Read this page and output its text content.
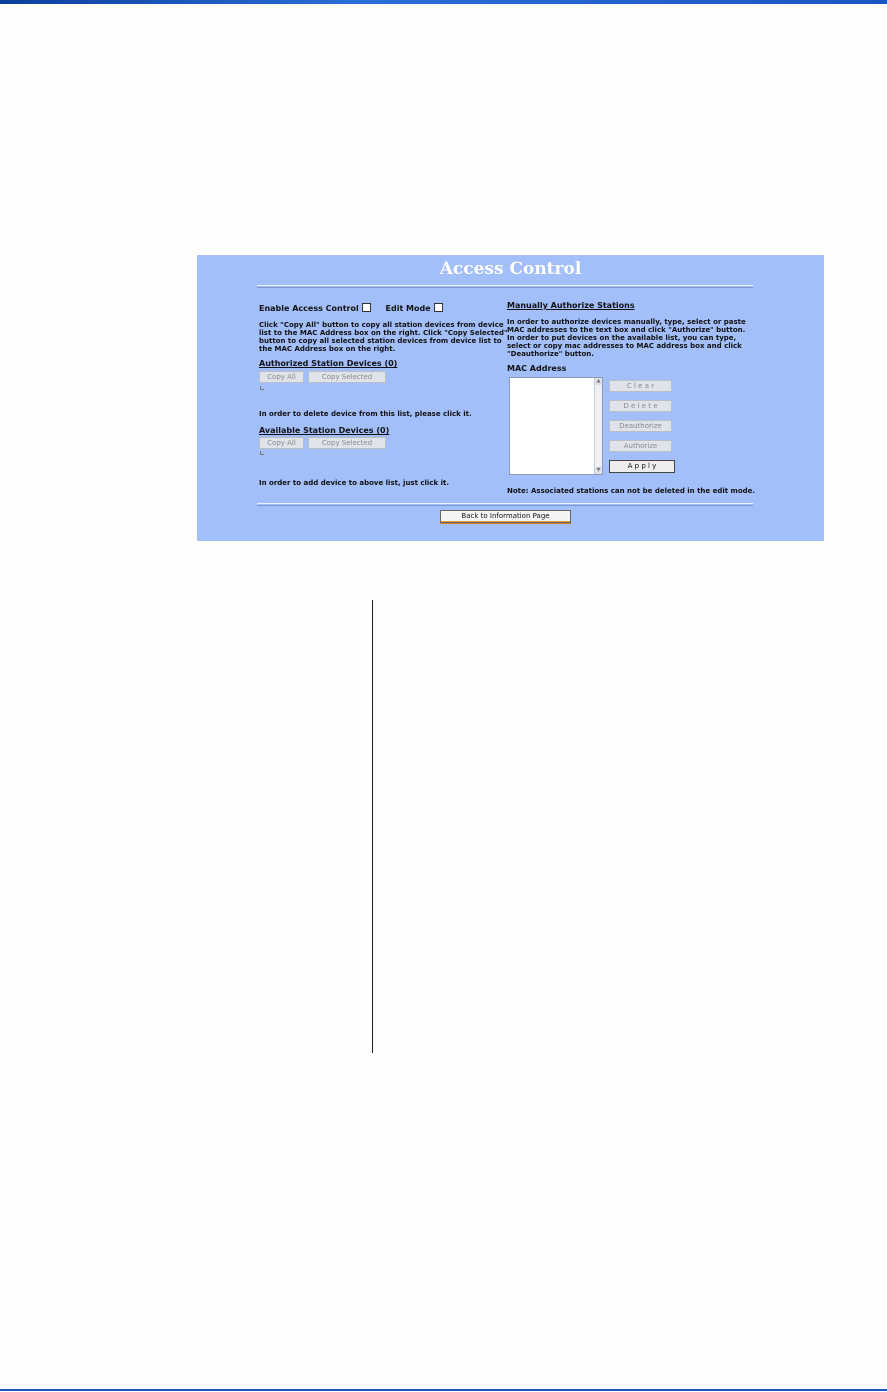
Access Control
Enable Access Control	Edit Mode
Click "Copy All" button to copy all station devices from device
list to the MAC Address box on the right. Click "Copy Selected"
button to copy all selected station devices from device list to
the MAC Address box on the right.
Authorized Station Devices (0)
Copy All	Copy Selected
In order to delete device from this list, please click it.
Available Station Devices (0)
Copy All	Copy Selected
In order to add device to above list, just click it.
Manually Authorize Stations
In order to authorize devices manually, type, select or paste
MAC addresses to the text box and click "Authorize" button.
In order to put devices on the available list, you can type,
select or copy mac addresses to MAC address box and click
"Deauthorize" button.
MAC Address
▲
▼
C l e a r
D e l e t e
Deauthorize
Authorize
A p p l y
Note: Associated stations can not be deleted in the edit mode.
Back to Information Page
